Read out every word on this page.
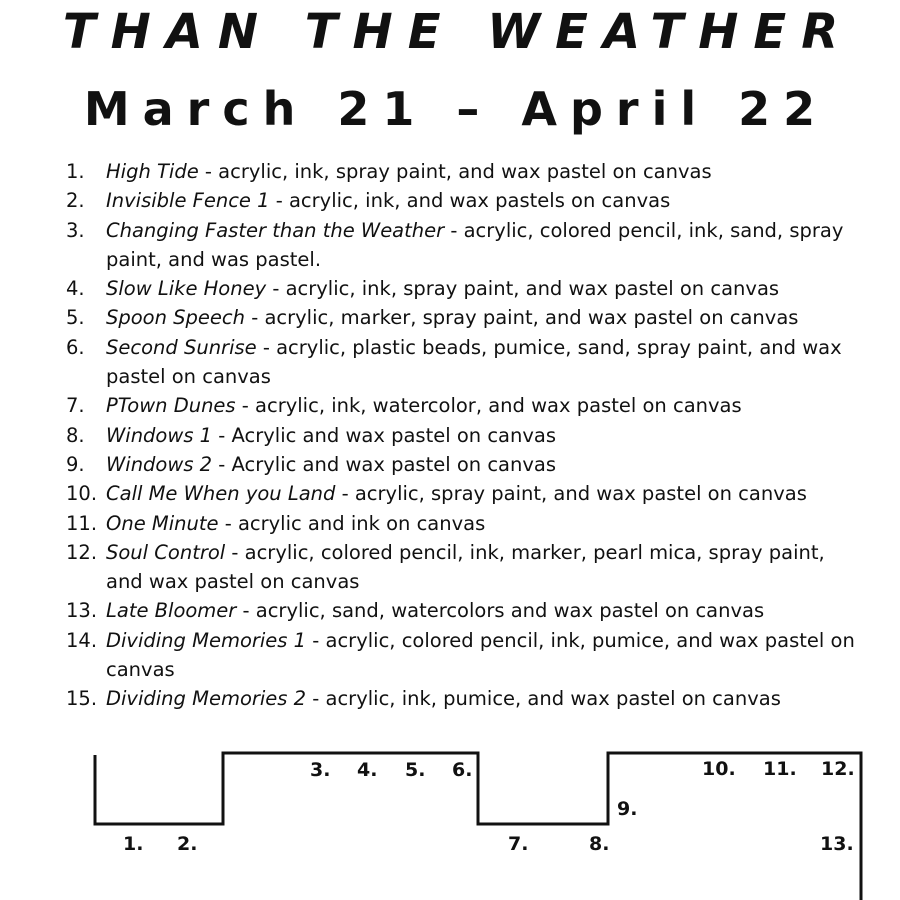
THAN THE WEATHER
March 21 – April 22
1. High Tide - acrylic, ink, spray paint, and wax pastel on canvas
2. Invisible Fence 1 - acrylic, ink, and wax pastels on canvas
3. Changing Faster than the Weather - acrylic, colored pencil, ink, sand, spray paint, and was pastel.
4. Slow Like Honey - acrylic, ink, spray paint, and wax pastel on canvas
5. Spoon Speech - acrylic, marker, spray paint, and wax pastel on canvas
6. Second Sunrise - acrylic, plastic beads, pumice, sand, spray paint, and wax pastel on canvas
7. PTown Dunes - acrylic, ink, watercolor, and wax pastel on canvas
8. Windows 1 - Acrylic and wax pastel on canvas
9. Windows 2 - Acrylic and wax pastel on canvas
10. Call Me When you Land - acrylic, spray paint, and wax pastel on canvas
11. One Minute - acrylic and ink on canvas
12. Soul Control - acrylic, colored pencil, ink, marker, pearl mica, spray paint, and wax pastel on canvas
13. Late Bloomer - acrylic, sand, watercolors and wax pastel on canvas
14. Dividing Memories 1 - acrylic, colored pencil, ink, pumice, and wax pastel on canvas
15. Dividing Memories 2 - acrylic, ink, pumice, and wax pastel on canvas
1. 2.
3. 4. 5. 6.
7.	8.
9.
10. 11. 12.
13.
